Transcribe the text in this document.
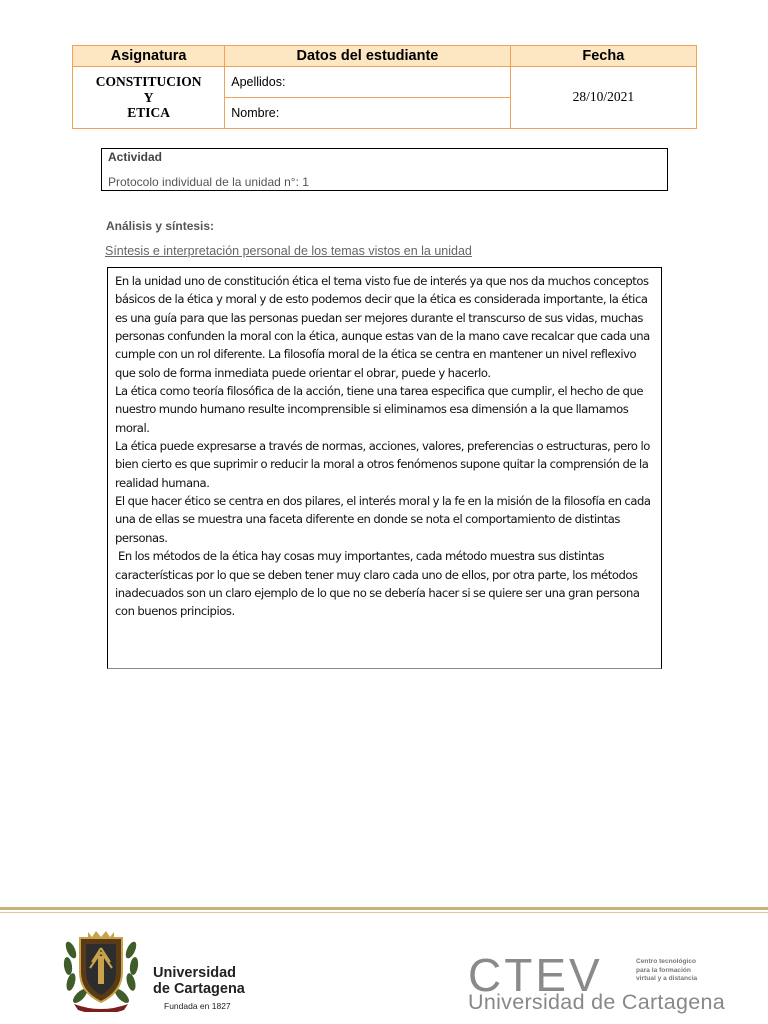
Asignatura	Datos del estudiante	Fecha

CONSTITUCION
Y
ETICA	Apellidos:	28/10/2021
	Nombre:	
Actividad
Protocolo individual de la unidad n°: 1
Análisis y síntesis:
Síntesis e interpretación personal de los temas vistos en la unidad

En la unidad uno de constitución ética el tema visto fue de interés ya que nos da muchos conceptos básicos de la ética y moral y de esto podemos decir que la ética es considerada importante, la ética es una guía para que las personas puedan ser mejores durante el transcurso de sus vidas, muchas personas confunden la moral con la ética, aunque estas van de la mano cave recalcar que cada una cumple con un rol diferente. La filosofía moral de la ética se centra en mantener un nivel reflexivo que solo de forma inmediata puede orientar el obrar, puede y hacerlo.

La ética como teoría filosófica de la acción, tiene una tarea especifica que cumplir, el hecho de que nuestro mundo humano resulte incomprensible si eliminamos esa dimensión a la que llamamos moral.

La ética puede expresarse a través de normas, acciones, valores, preferencias o estructuras, pero lo bien cierto es que suprimir o reducir la moral a otros fenómenos supone quitar la comprensión de la realidad humana.

El que hacer ético se centra en dos pilares, el interés moral y la fe en la misión de la filosofía en cada una de ellas se muestra una faceta diferente en donde se nota el comportamiento de distintas personas.

En los métodos de la ética hay cosas muy importantes, cada método muestra sus distintas características por lo que se deben tener muy claro cada uno de ellos, por otra parte, los métodos inadecuados son un claro ejemplo de lo que no se debería hacer si se quiere ser una gran persona con buenos principios.

Universidad
de Cartagena
Fundada en 1827
CTEV	Centro tecnológico
para la formación
virtual y a distancia
Universidad de Cartagena
